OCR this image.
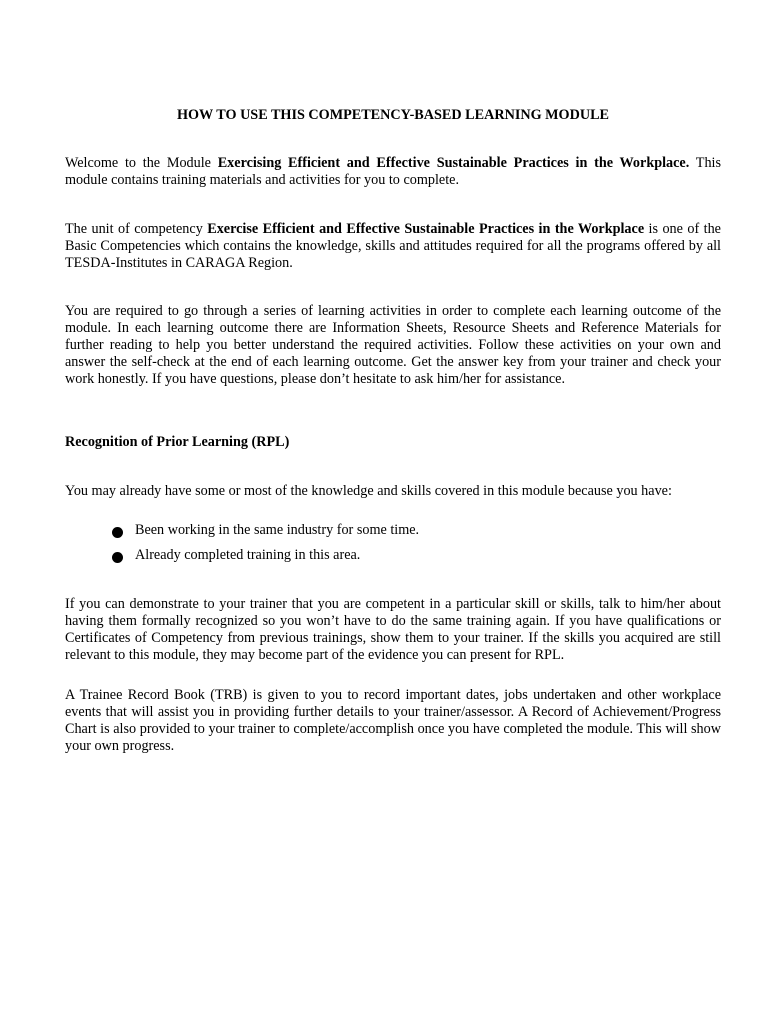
HOW TO USE THIS COMPETENCY-BASED LEARNING MODULE

Welcome to the Module Exercising Efficient and Effective Sustainable Practices in the Workplace. This module contains training materials and activities for you to complete.

The unit of competency Exercise Efficient and Effective Sustainable Practices in the Workplace is one of the Basic Competencies which contains the knowledge, skills and attitudes required for all the programs offered by all TESDA-Institutes in CARAGA Region.

You are required to go through a series of learning activities in order to complete each learning outcome of the module. In each learning outcome there are Information Sheets, Resource Sheets and Reference Materials for further reading to help you better understand the required activities. Follow these activities on your own and answer the self-check at the end of each learning outcome. Get the answer key from your trainer and check your work honestly. If you have questions, please don’t hesitate to ask him/her for assistance.

Recognition of Prior Learning (RPL)

You may already have some or most of the knowledge and skills covered in this module because you have:

Been working in the same industry for some time.
Already completed training in this area.

If you can demonstrate to your trainer that you are competent in a particular skill or skills, talk to him/her about having them formally recognized so you won’t have to do the same training again. If you have qualifications or Certificates of Competency from previous trainings, show them to your trainer. If the skills you acquired are still relevant to this module, they may become part of the evidence you can present for RPL.

A Trainee Record Book (TRB) is given to you to record important dates, jobs undertaken and other workplace events that will assist you in providing further details to your trainer/assessor. A Record of Achievement/Progress Chart is also provided to your trainer to complete/accomplish once you have completed the module. This will show your own progress.
